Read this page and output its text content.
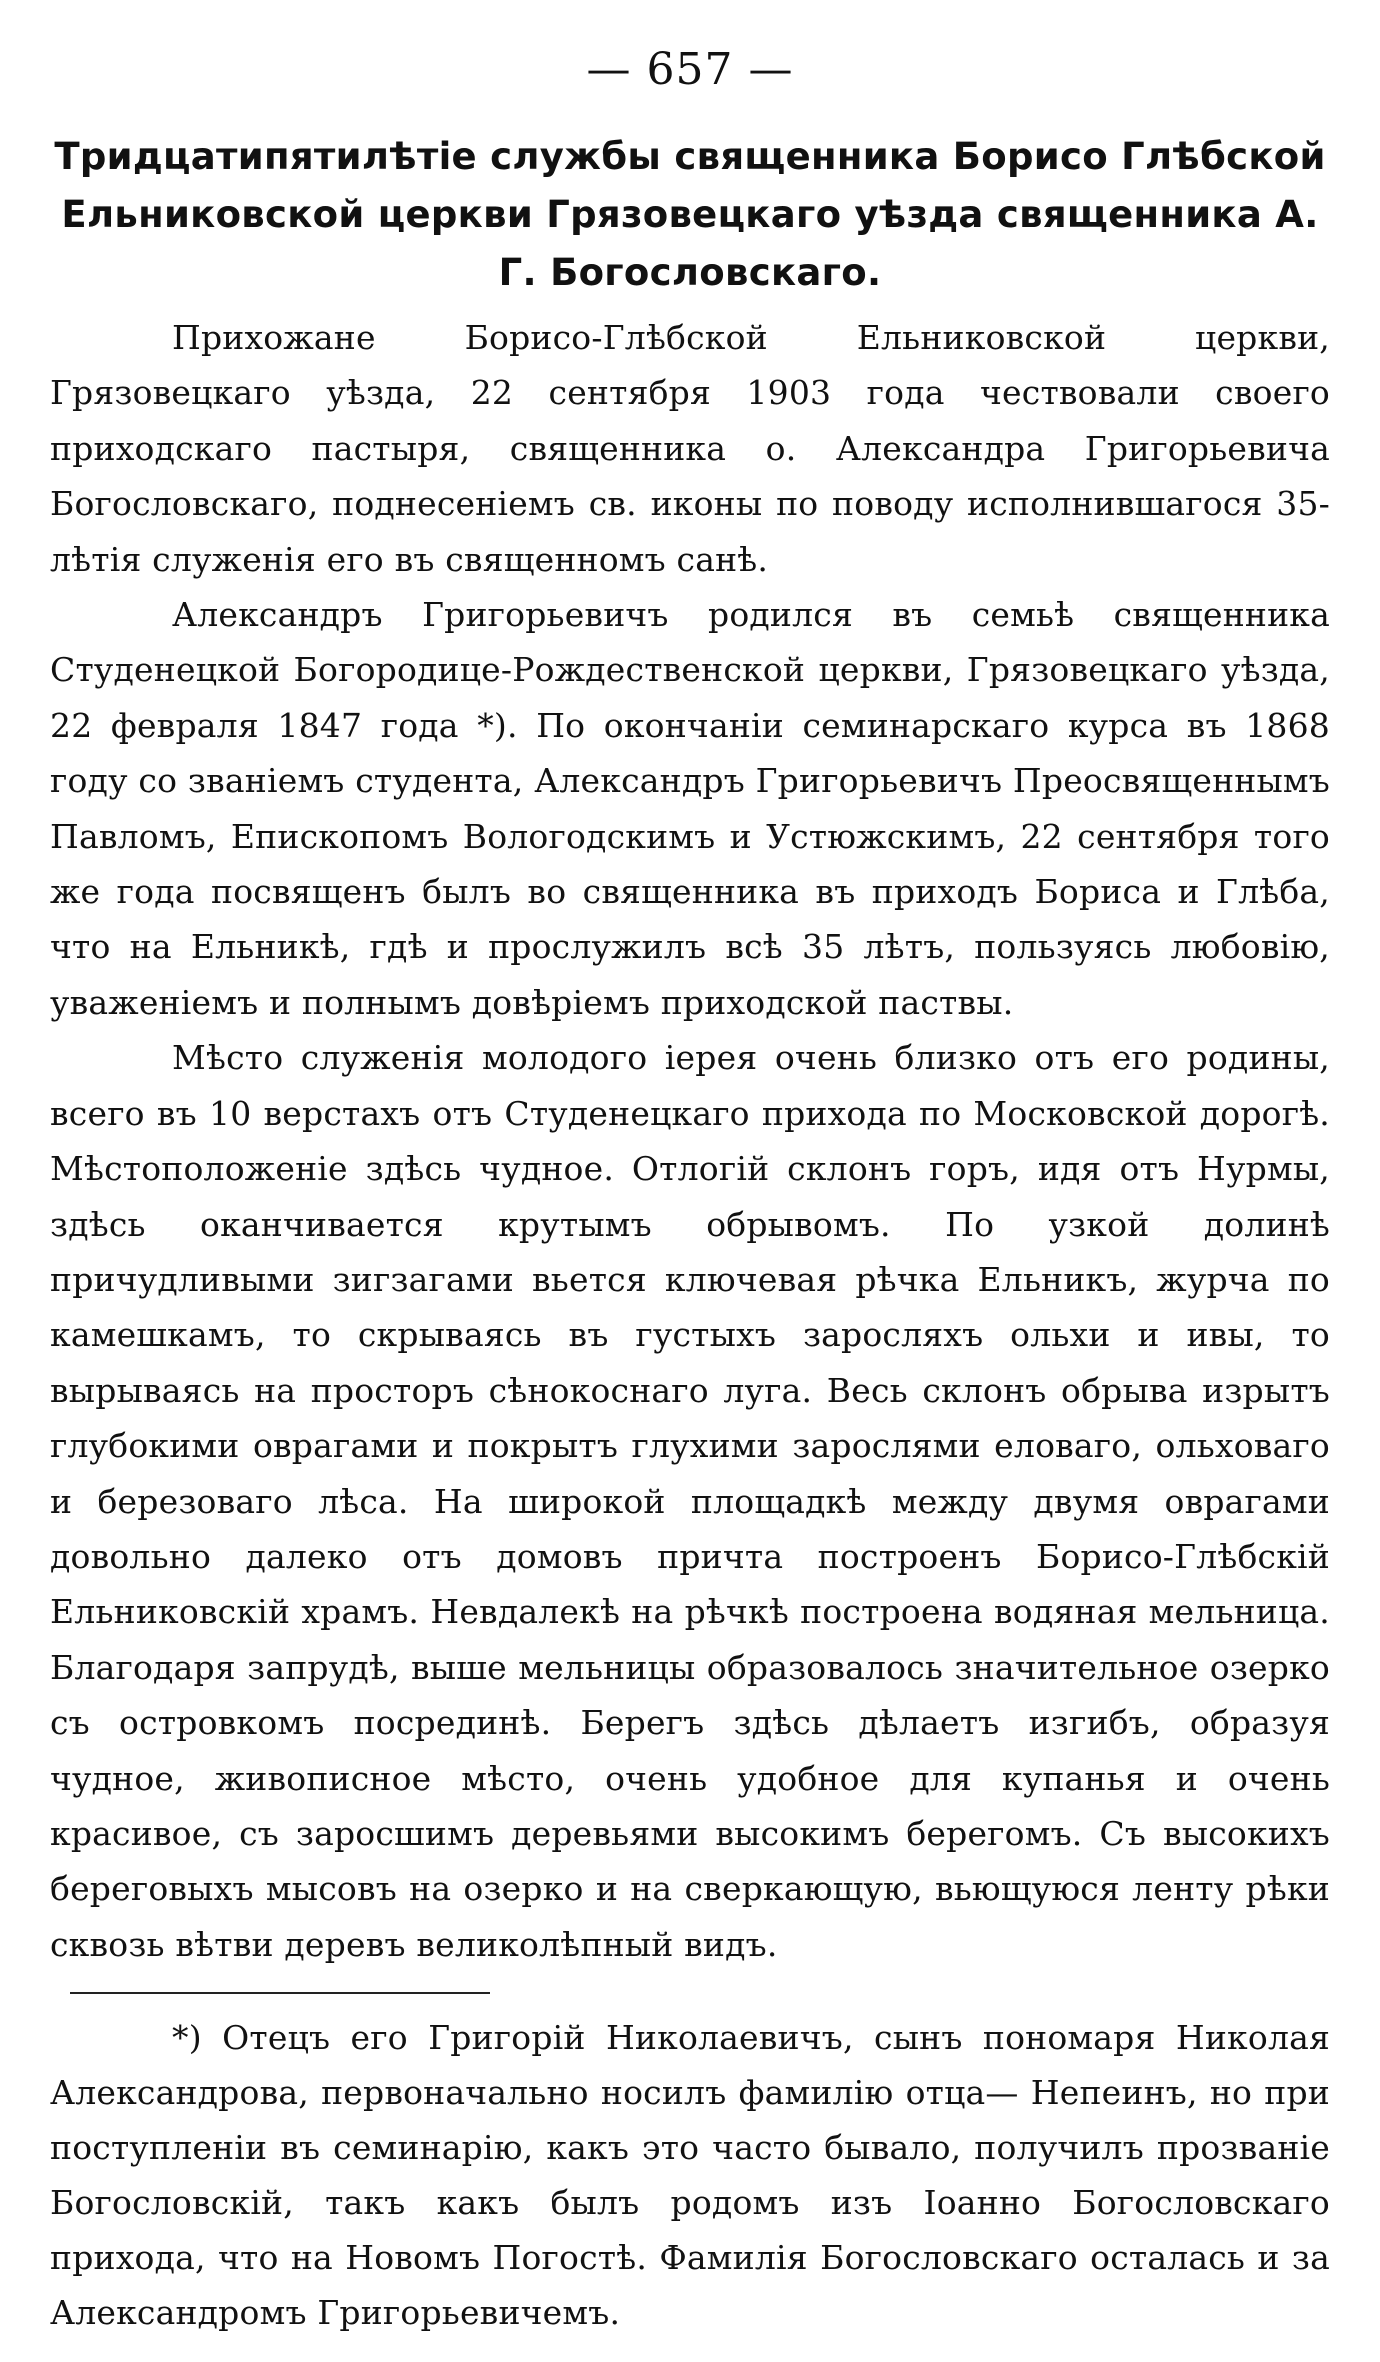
— 657 —
Тридцатипятилѣтіе службы священника Борисо Глѣбской Ельниковской церкви Грязовецкаго уѣзда священника А. Г. Богословскаго.

Прихожане Борисо-Глѣбской Ельниковской церкви, Грязовецкаго уѣзда, 22 сентября 1903 года чествовали своего приходскаго пастыря, священника о. Александра Григорьевича Богословскаго, поднесеніемъ св. иконы по поводу исполнившагося 35-лѣтія служенія его въ священномъ санѣ.

Александръ Григорьевичъ родился въ семьѣ священника Студенецкой Богородице-Рождественской церкви, Грязовецкаго уѣзда, 22 февраля 1847 года *). По окончаніи семинарскаго курса въ 1868 году со званіемъ студента, Александръ Григорьевичъ Преосвященнымъ Павломъ, Епископомъ Вологодскимъ и Устюжскимъ, 22 сентября того же года посвященъ былъ во священника въ приходъ Бориса и Глѣба, что на Ельникѣ, гдѣ и прослужилъ всѣ 35 лѣтъ, пользуясь любовію, уваженіемъ и полнымъ довѣріемъ приходской паствы.

Мѣсто служенія молодого іерея очень близко отъ его родины, всего въ 10 верстахъ отъ Студенецкаго прихода по Московской дорогѣ. Мѣстоположеніе здѣсь чудное. Отлогій склонъ горъ, идя отъ Нурмы, здѣсь оканчивается крутымъ обрывомъ. По узкой долинѣ причудливыми зигзагами вьется ключевая рѣчка Ельникъ, журча по камешкамъ, то скрываясь въ густыхъ заросляхъ ольхи и ивы, то вырываясь на просторъ сѣнокоснаго луга. Весь склонъ обрыва изрытъ глубокими оврагами и покрытъ глухими зарослями еловаго, ольховаго и березоваго лѣса. На широкой площадкѣ между двумя оврагами довольно далеко отъ домовъ причта построенъ Борисо-Глѣбскій Ельниковскій храмъ. Невдалекѣ на рѣчкѣ построена водяная мельница. Благодаря запрудѣ, выше мельницы образовалось значительное озерко съ островкомъ посрединѣ. Берегъ здѣсь дѣлаетъ изгибъ, образуя чудное, живописное мѣсто, очень удобное для купанья и очень красивое, съ заросшимъ деревьями высокимъ берегомъ. Съ высокихъ береговыхъ мысовъ на озерко и на сверкающую, вьющуюся ленту рѣки сквозь вѣтви деревъ великолѣпный видъ.

*) Отецъ его Григорій Николаевичъ, сынъ пономаря Николая Александрова, первоначально носилъ фамилію отца— Непеинъ, но при поступленіи въ семинарію, какъ это часто бывало, получилъ прозваніе Богословскій, такъ какъ былъ родомъ изъ Іоанно Богословскаго прихода, что на Новомъ Погостѣ. Фамилія Богословскаго осталась и за Александромъ Григорьевичемъ.
